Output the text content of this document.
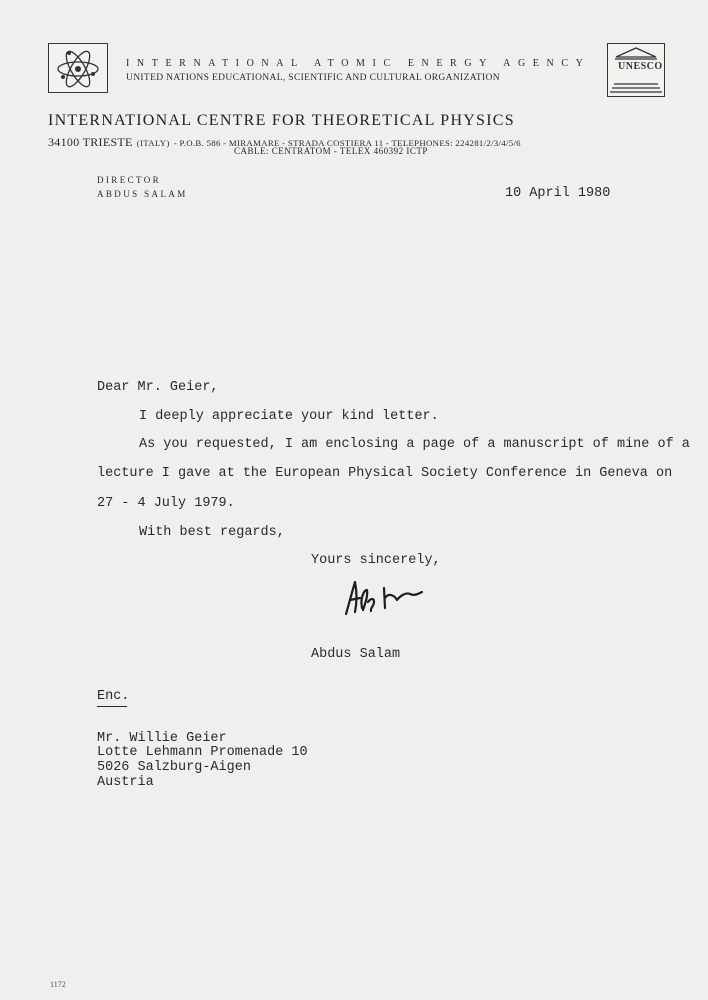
UNESCO
INTERNATIONAL ATOMIC ENERGY AGENCY
UNITED NATIONS EDUCATIONAL, SCIENTIFIC AND CULTURAL ORGANIZATION
INTERNATIONAL CENTRE FOR THEORETICAL PHYSICS
34100 TRIESTE (ITALY) - P.O.B. 586 - MIRAMARE - STRADA COSTIERA 11 - TELEPHONES: 224281/2/3/4/5/6
CABLE: CENTRATOM - TELEX 460392 ICTP
DIRECTOR
ABDUS SALAM	10 April 1980
Dear Mr. Geier,
I deeply appreciate your kind letter.
As you requested, I am enclosing a page of a manuscript of mine of a
lecture I gave at the European Physical Society Conference in Geneva on
27 - 4 July 1979.
With best regards,
Yours sincerely,
Abdus Salam
Enc.
Mr. Willie Geier
Lotte Lehmann Promenade 10
5026 Salzburg-Aigen
Austria
1172
